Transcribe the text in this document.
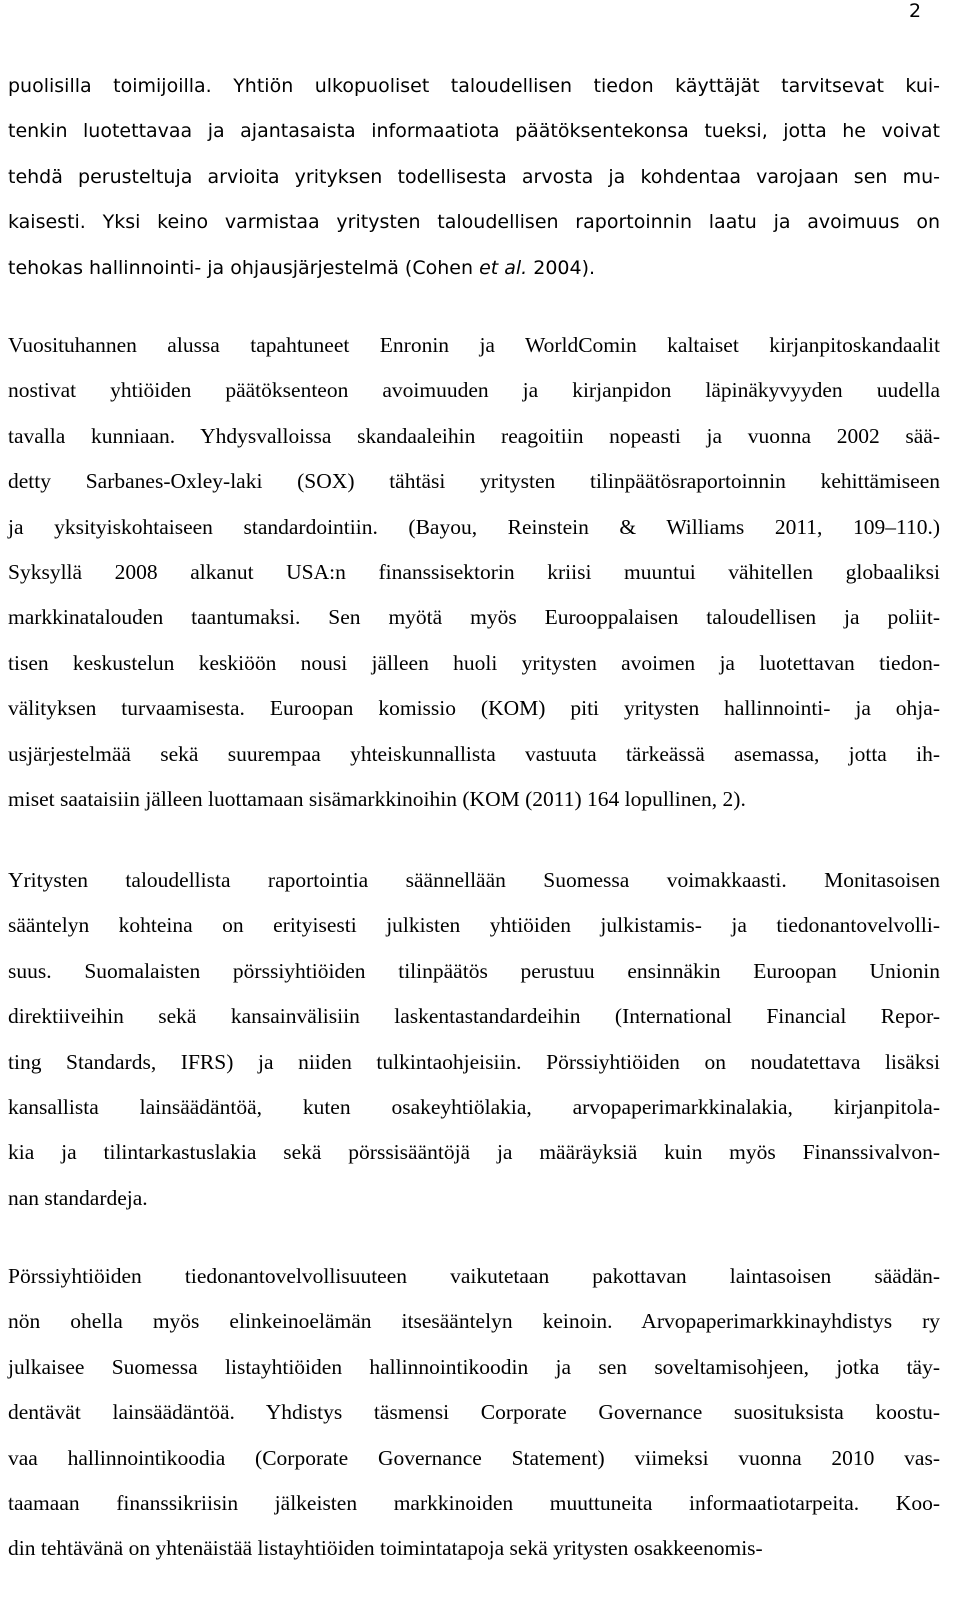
2
puolisilla toimijoilla. Yhtiön ulkopuoliset taloudellisen tiedon käyttäjät tarvitsevat kui-
tenkin luotettavaa ja ajantasaista informaatiota päätöksentekonsa tueksi, jotta he voivat
tehdä perusteltuja arvioita yrityksen todellisesta arvosta ja kohdentaa varojaan sen mu-
kaisesti. Yksi keino varmistaa yritysten taloudellisen raportoinnin laatu ja avoimuus on
tehokas hallinnointi- ja ohjausjärjestelmä (Cohen et al. 2004).
Vuosituhannen alussa tapahtuneet Enronin ja WorldComin kaltaiset kirjanpitoskandaalit
nostivat yhtiöiden päätöksenteon avoimuuden ja kirjanpidon läpinäkyvyyden uudella
tavalla kunniaan. Yhdysvalloissa skandaaleihin reagoitiin nopeasti ja vuonna 2002 sää-
detty Sarbanes-Oxley-laki (SOX) tähtäsi yritysten tilinpäätösraportoinnin kehittämiseen
ja yksityiskohtaiseen standardointiin. (Bayou, Reinstein & Williams 2011, 109–110.)
Syksyllä 2008 alkanut USA:n finanssisektorin kriisi muuntui vähitellen globaaliksi
markkinatalouden taantumaksi. Sen myötä myös Eurooppalaisen taloudellisen ja poliit-
tisen keskustelun keskiöön nousi jälleen huoli yritysten avoimen ja luotettavan tiedon-
välityksen turvaamisesta. Euroopan komissio (KOM) piti yritysten hallinnointi- ja ohja-
usjärjestelmää sekä suurempaa yhteiskunnallista vastuuta tärkeässä asemassa, jotta ih-
miset saataisiin jälleen luottamaan sisämarkkinoihin (KOM (2011) 164 lopullinen, 2).
Yritysten taloudellista raportointia säännellään Suomessa voimakkaasti. Monitasoisen
sääntelyn kohteina on erityisesti julkisten yhtiöiden julkistamis- ja tiedonantovelvolli-
suus. Suomalaisten pörssiyhtiöiden tilinpäätös perustuu ensinnäkin Euroopan Unionin
direktiiveihin sekä kansainvälisiin laskentastandardeihin (International Financial Repor-
ting Standards, IFRS) ja niiden tulkintaohjeisiin. Pörssiyhtiöiden on noudatettava lisäksi
kansallista lainsäädäntöä, kuten osakeyhtiölakia, arvopaperimarkkinalakia, kirjanpitola-
kia ja tilintarkastuslakia sekä pörssisääntöjä ja määräyksiä kuin myös Finanssivalvon-
nan standardeja.
Pörssiyhtiöiden tiedonantovelvollisuuteen vaikutetaan pakottavan laintasoisen säädän-
nön ohella myös elinkeinoelämän itsesääntelyn keinoin. Arvopaperimarkkinayhdistys ry
julkaisee Suomessa listayhtiöiden hallinnointikoodin ja sen soveltamisohjeen, jotka täy-
dentävät lainsäädäntöä. Yhdistys täsmensi Corporate Governance suosituksista koostu-
vaa hallinnointikoodia (Corporate Governance Statement) viimeksi vuonna 2010 vas-
taamaan finanssikriisin jälkeisten markkinoiden muuttuneita informaatiotarpeita. Koo-
din tehtävänä on yhtenäistää listayhtiöiden toimintatapoja sekä yritysten osakkeenomis-
